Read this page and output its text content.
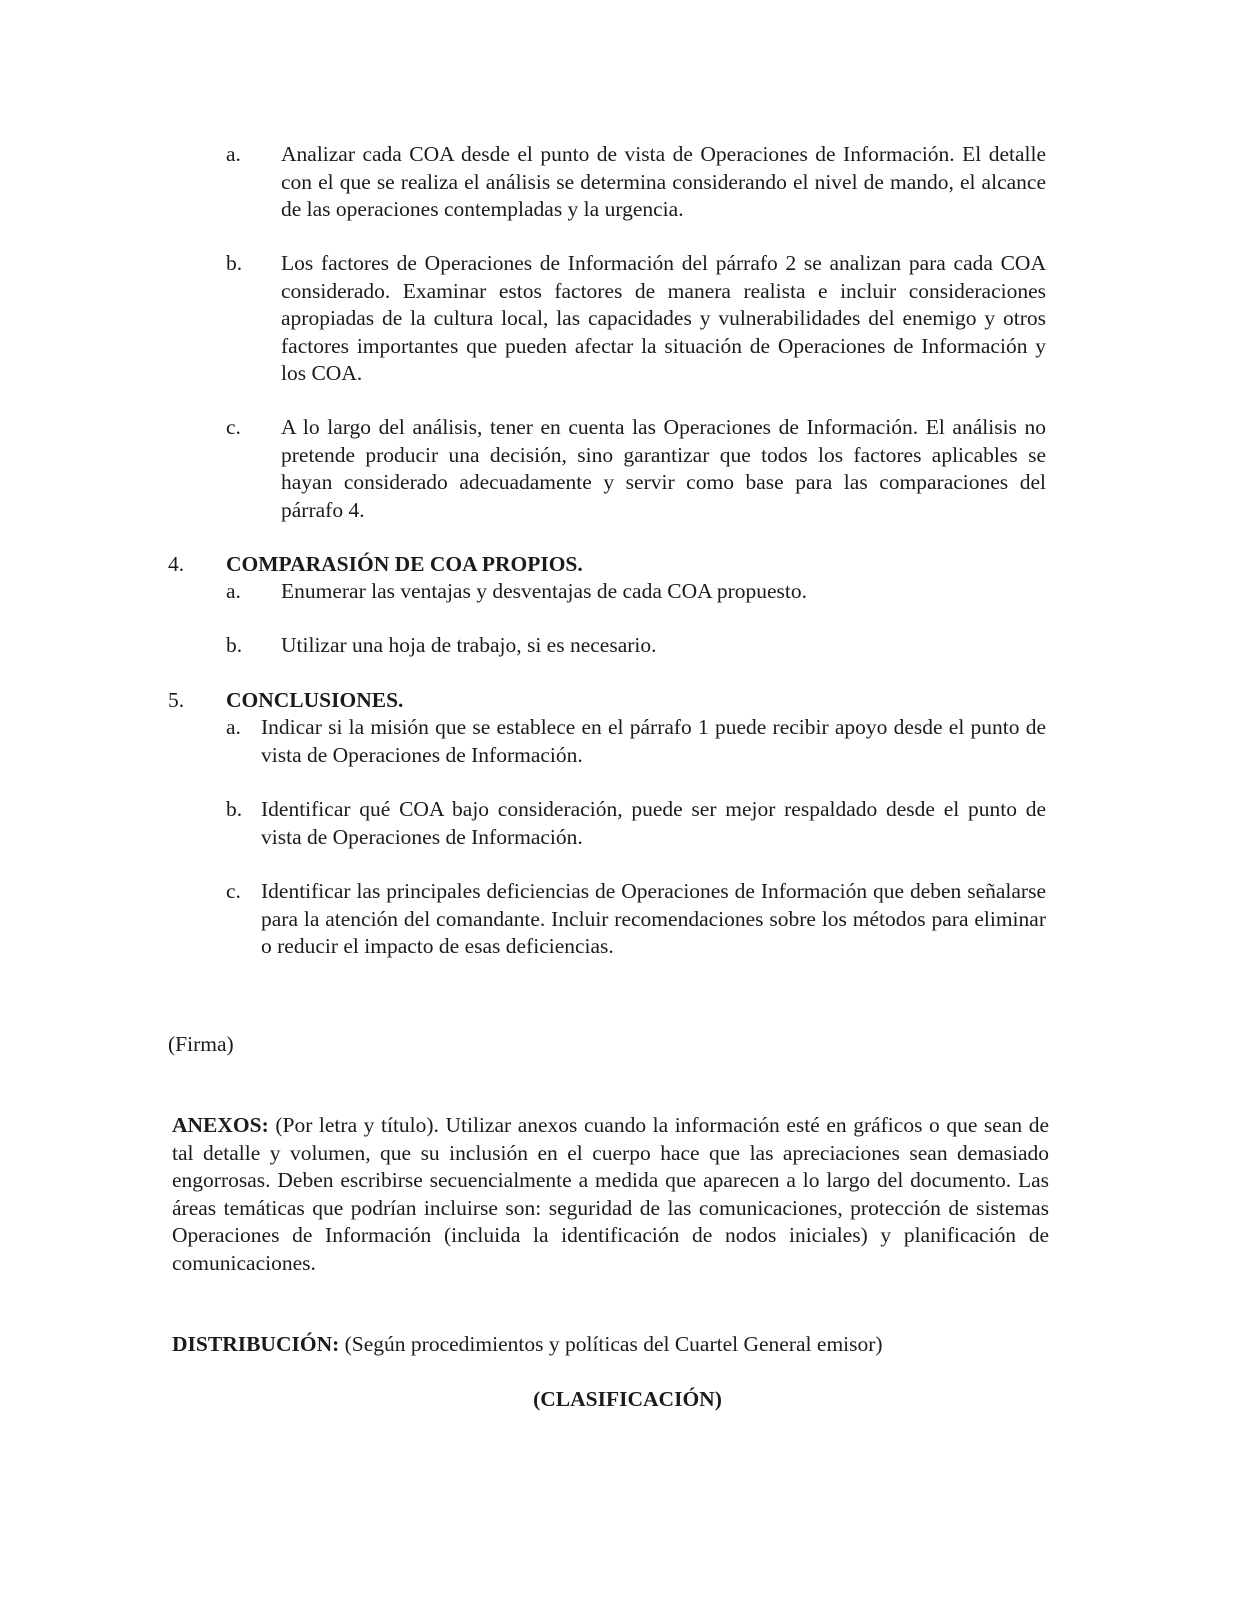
a. Analizar cada COA desde el punto de vista de Operaciones de Información. El detalle con el que se realiza el análisis se determina considerando el nivel de mando, el alcance de las operaciones contempladas y la urgencia.
b. Los factores de Operaciones de Información del párrafo 2 se analizan para cada COA considerado. Examinar estos factores de manera realista e incluir consideraciones apropiadas de la cultura local, las capacidades y vulnerabilidades del enemigo y otros factores importantes que pueden afectar la situación de Operaciones de Información y los COA.
c. A lo largo del análisis, tener en cuenta las Operaciones de Información. El análisis no pretende producir una decisión, sino garantizar que todos los factores aplicables se hayan considerado adecuadamente y servir como base para las comparaciones del párrafo 4.
4. COMPARASIÓN DE COA PROPIOS.
a. Enumerar las ventajas y desventajas de cada COA propuesto.
b. Utilizar una hoja de trabajo, si es necesario.
5. CONCLUSIONES.
a. Indicar si la misión que se establece en el párrafo 1 puede recibir apoyo desde el punto de vista de Operaciones de Información.
b. Identificar qué COA bajo consideración, puede ser mejor respaldado desde el punto de vista de Operaciones de Información.
c. Identificar las principales deficiencias de Operaciones de Información que deben señalarse para la atención del comandante. Incluir recomendaciones sobre los métodos para eliminar o reducir el impacto de esas deficiencias.
(Firma)
ANEXOS: (Por letra y título). Utilizar anexos cuando la información esté en gráficos o que sean de tal detalle y volumen, que su inclusión en el cuerpo hace que las apreciaciones sean demasiado engorrosas. Deben escribirse secuencialmente a medida que aparecen a lo largo del documento. Las áreas temáticas que podrían incluirse son: seguridad de las comunicaciones, protección de sistemas Operaciones de Información (incluida la identificación de nodos iniciales) y planificación de comunicaciones.
DISTRIBUCIÓN: (Según procedimientos y políticas del Cuartel General emisor)
(CLASIFICACIÓN)
